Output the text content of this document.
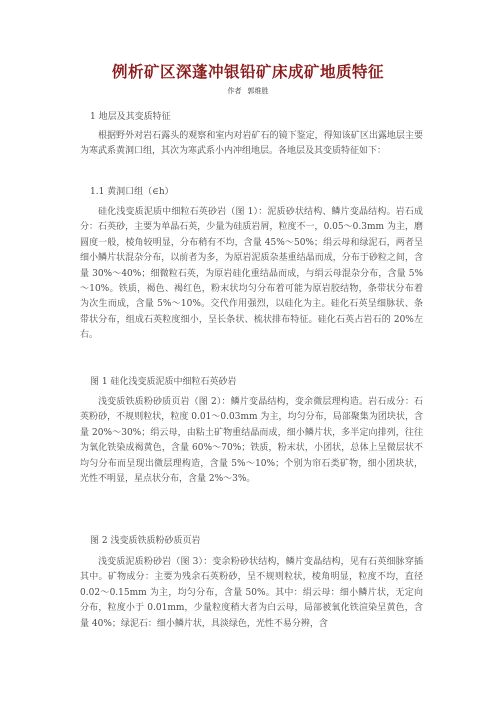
例析矿区深蓬冲银铅矿床成矿地质特征
作者 郭维胜
1 地层及其变质特征

根据野外对岩石露头的观察和室内对岩矿石的镜下鉴定，得知该矿区出露地层主要为寒武系黄洞口组，其次为寒武系小内冲组地层。各地层及其变质特征如下：

1.1 黄洞口组（∈h）

硅化浅变质泥质中细粒石英砂岩（图 1）：泥质砂状结构、鳞片变晶结构。岩石成分：石英砂，主要为单晶石英，少量为硅质岩屑，粒度不一，0.05～0.3mm 为主，磨圆度一般，棱角较明显，分布稍有不均，含量 45%～50%；绢云母和绿泥石，两者呈细小鳞片状混杂分布，以前者为多，为原岩泥质杂基重结晶而成，分布于砂粒之间，含量 30%～40%；细微粒石英，为原岩硅化重结晶而成，与绢云母混杂分布，含量 5%～10%。铁质，褐色、褐红色，粉末状均匀分布着可能为原岩胶结物，条带状分布着为次生而成，含量 5%～10%。交代作用强烈，以硅化为主。硅化石英呈细脉状、条带状分布，组成石英粒度细小，呈长条状、梳状排布特征。硅化石英占岩石的 20%左右。

图 1 硅化浅变质泥质中细粒石英砂岩

浅变质铁质粉砂质页岩（图 2）：鳞片变晶结构，变余微层理构造。岩石成分：石英粉砂，不规则粒状，粒度 0.01～0.03mm 为主，均匀分布，局部聚集为团块状，含量 20%～30%；绢云母，由粘土矿物重结晶而成，细小鳞片状，多半定向排列，往往为氧化铁染成褐黄色，含量 60%～70%；铁质，粉末状，小团状，总体上呈微层状不均匀分布而呈现出微层理构造，含量 5%～10%；个别为帘石类矿物，细小团块状，光性不明显，星点状分布，含量 2%～3%。

图 2 浅变质铁质粉砂质页岩

浅变质泥质粉砂岩（图 3）：变余粉砂状结构，鳞片变晶结构，见有石英细脉穿插其中。矿物成分：主要为残余石英粉砂，呈不规则粒状，棱角明显，粒度不均，直径 0.02～0.15mm 为主，均匀分布，含量 50%。其中：绢云母：细小鳞片状，无定向分布，粒度小于 0.01mm，少量粒度稍大者为白云母，局部被氧化铁渲染呈黄色，含量 40%；绿泥石：细小鳞片状，具淡绿色，光性不易分辨，含
